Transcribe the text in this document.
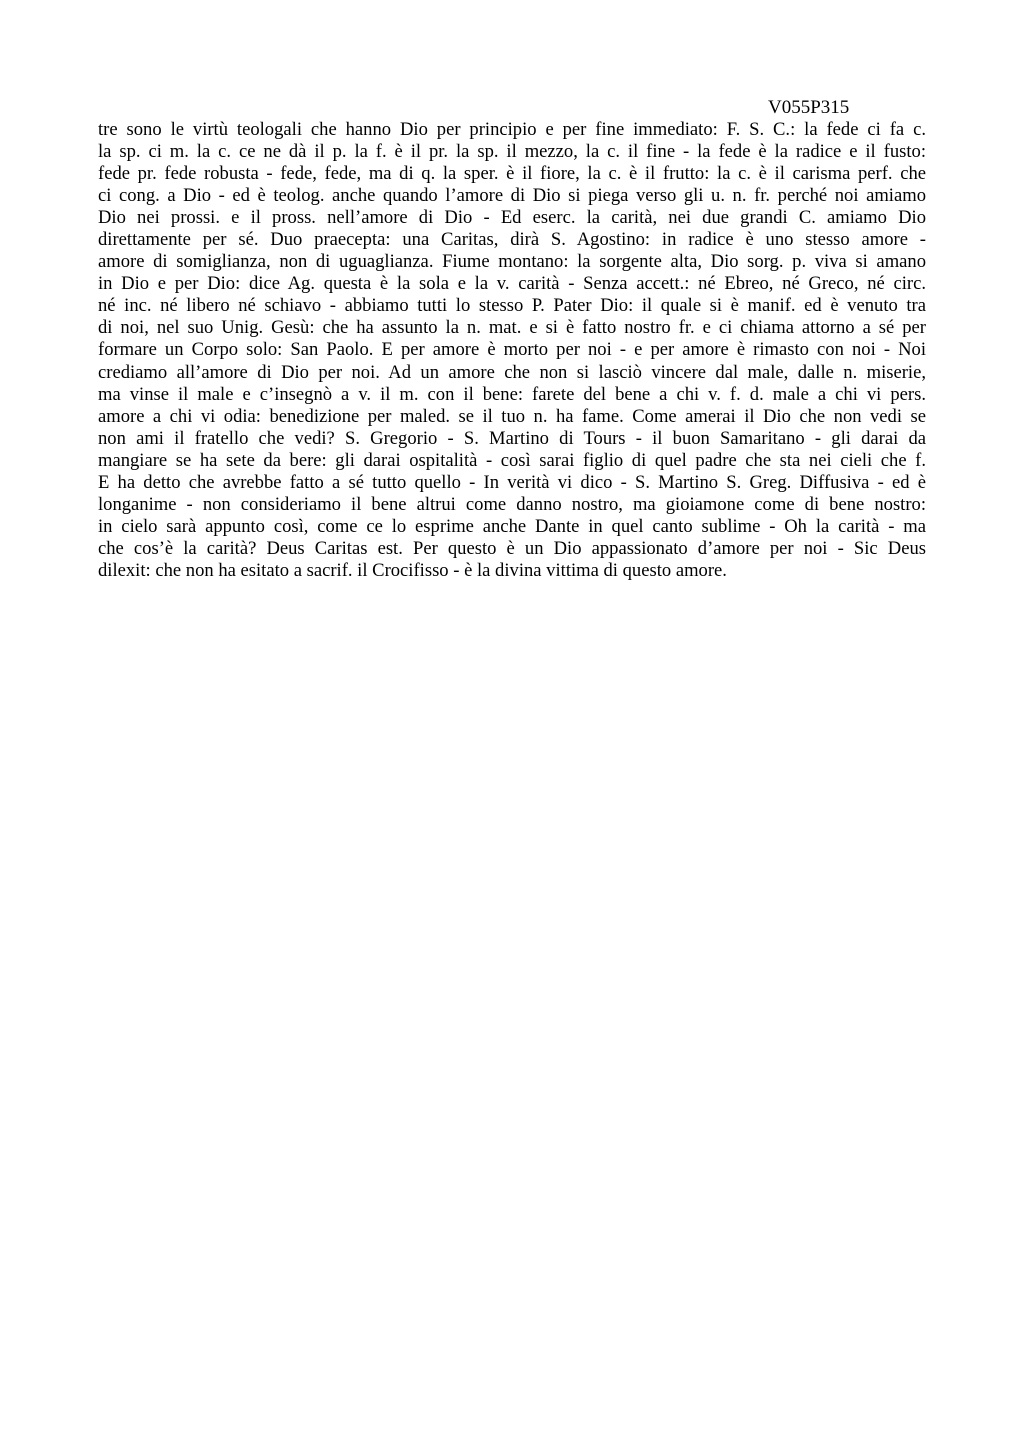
V055P315
tre sono le virtù teologali che hanno Dio per principio e per fine immediato: F. S. C.: la fede ci fa c.
la sp. ci m. la c. ce ne dà il p. la f. è il pr. la sp. il mezzo, la c. il fine - la fede è la radice e il fusto:
fede pr. fede robusta - fede, fede, ma di q. la sper. è il fiore, la c. è il frutto: la c. è il carisma perf. che
ci cong. a Dio - ed è teolog. anche quando l’amore di Dio si piega verso gli u. n. fr. perché noi amiamo
Dio nei prossi. e il pross. nell’amore di Dio - Ed eserc. la carità, nei due grandi C. amiamo Dio
direttamente per sé. Duo praecepta: una Caritas, dirà S. Agostino: in radice è uno stesso amore -
amore di somiglianza, non di uguaglianza. Fiume montano: la sorgente alta, Dio sorg. p. viva si amano
in Dio e per Dio: dice Ag. questa è la sola e la v. carità - Senza accett.: né Ebreo, né Greco, né circ.
né inc. né libero né schiavo - abbiamo tutti lo stesso P. Pater Dio: il quale si è manif. ed è venuto tra
di noi, nel suo Unig. Gesù: che ha assunto la n. mat. e si è fatto nostro fr. e ci chiama attorno a sé per
formare un Corpo solo: San Paolo. E per amore è morto per noi - e per amore è rimasto con noi - Noi
crediamo all’amore di Dio per noi. Ad un amore che non si lasciò vincere dal male, dalle n. miserie,
ma vinse il male e c’insegnò a v. il m. con il bene: farete del bene a chi v. f. d. male a chi vi pers.
amore a chi vi odia: benedizione per maled. se il tuo n. ha fame. Come amerai il Dio che non vedi se
non ami il fratello che vedi? S. Gregorio - S. Martino di Tours - il buon Samaritano - gli darai da
mangiare se ha sete da bere: gli darai ospitalità - così sarai figlio di quel padre che sta nei cieli che f.
E ha detto che avrebbe fatto a sé tutto quello - In verità vi dico - S. Martino S. Greg. Diffusiva - ed è
longanime - non consideriamo il bene altrui come danno nostro, ma gioiamone come di bene nostro:
in cielo sarà appunto così, come ce lo esprime anche Dante in quel canto sublime - Oh la carità - ma
che cos’è la carità? Deus Caritas est. Per questo è un Dio appassionato d’amore per noi - Sic Deus
dilexit: che non ha esitato a sacrif. il Crocifisso - è la divina vittima di questo amore.
